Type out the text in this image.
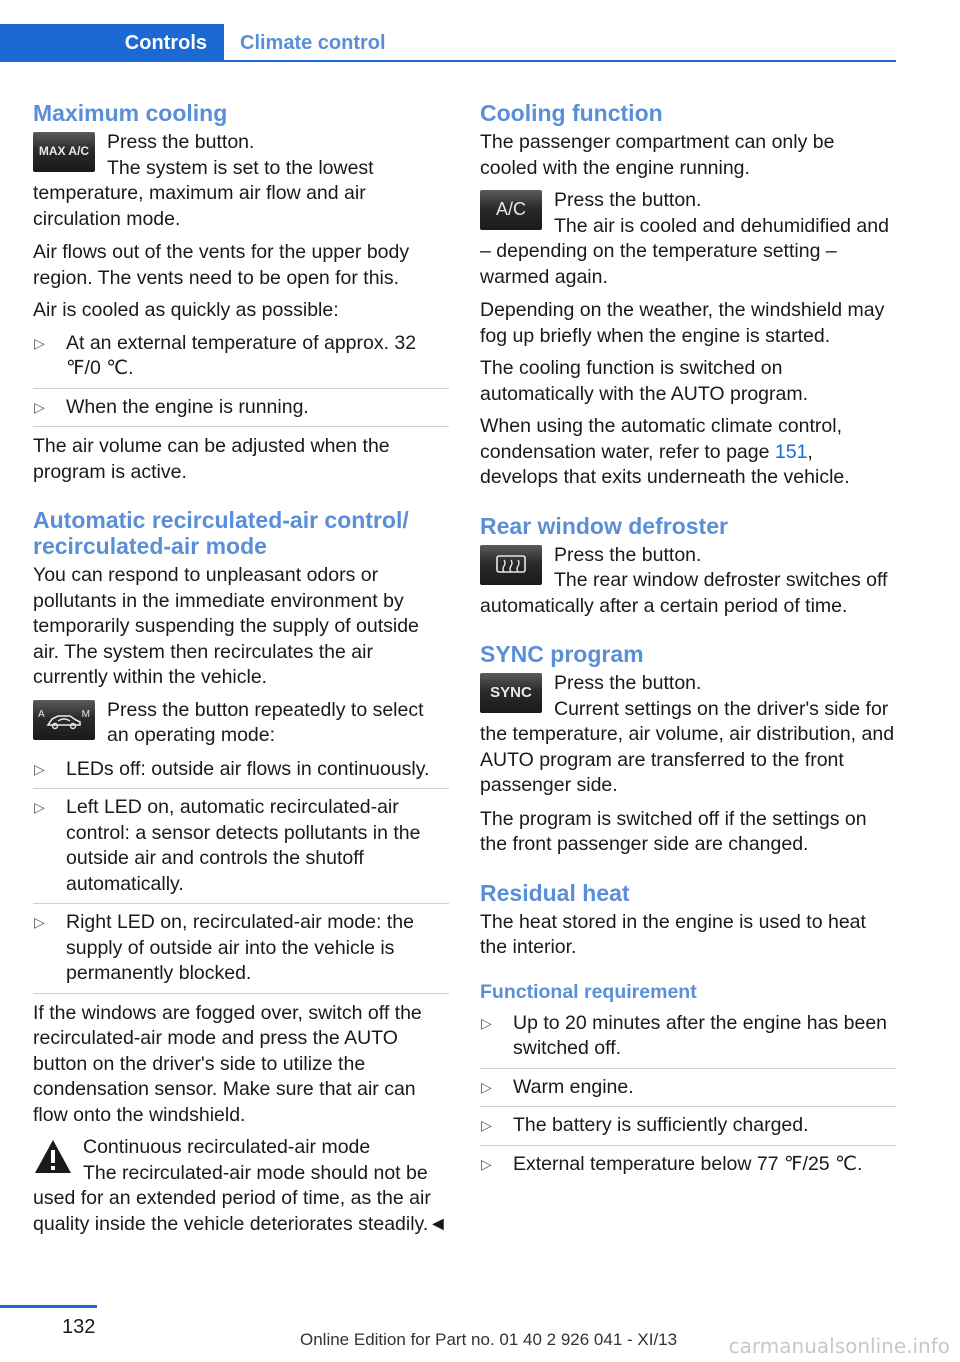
Controls	Climate control
Maximum cooling
MAX A/C Press the button.
The system is set to the lowest temperature, maximum air flow and air circulation mode.

Air flows out of the vents for the upper body region. The vents need to be open for this.

Air is cooled as quickly as possible:

▷ At an external temperature of approx. 32 ℉/0 ℃.
▷ When the engine is running.

The air volume can be adjusted when the program is active.

Automatic recirculated-air control/ recirculated-air mode

You can respond to unpleasant odors or pollutants in the immediate environment by temporarily suspending the supply of outside air. The system then recirculates the air currently within the vehicle.

A	M Press the button repeatedly to select an operating mode:
▷ LEDs off: outside air flows in continuously.
▷ Left LED on, automatic recirculated-air control: a sensor detects pollutants in the outside air and controls the shutoff automatically.
▷ Right LED on, recirculated-air mode: the supply of outside air into the vehicle is permanently blocked.

If the windows are fogged over, switch off the recirculated-air mode and press the AUTO button on the driver's side to utilize the condensation sensor. Make sure that air can flow onto the windshield.

Continuous recirculated-air mode
The recirculated-air mode should not be used for an extended period of time, as the air quality inside the vehicle deteriorates steadily.◄
Cooling function

The passenger compartment can only be cooled with the engine running.

A/C	Press the button.
The air is cooled and dehumidified and – depending on the temperature setting – warmed again.

Depending on the weather, the windshield may fog up briefly when the engine is started.

The cooling function is switched on automatically with the AUTO program.

When using the automatic climate control, condensation water, refer to page 151, develops that exits underneath the vehicle.

Rear window defroster
Press the button.
The rear window defroster switches off automatically after a certain period of time.
SYNC program
SYNC	Press the button.
Current settings on the driver's side for the temperature, air volume, air distribution, and AUTO program are transferred to the front passenger side.

The program is switched off if the settings on the front passenger side are changed.

Residual heat

The heat stored in the engine is used to heat the interior.

Functional requirement
▷ Up to 20 minutes after the engine has been switched off.
▷ Warm engine.
▷ The battery is sufficiently charged.
▷ External temperature below 77 ℉/25 ℃.
132
Online Edition for Part no. 01 40 2 926 041 - XI/13	carmanualsonline.info
